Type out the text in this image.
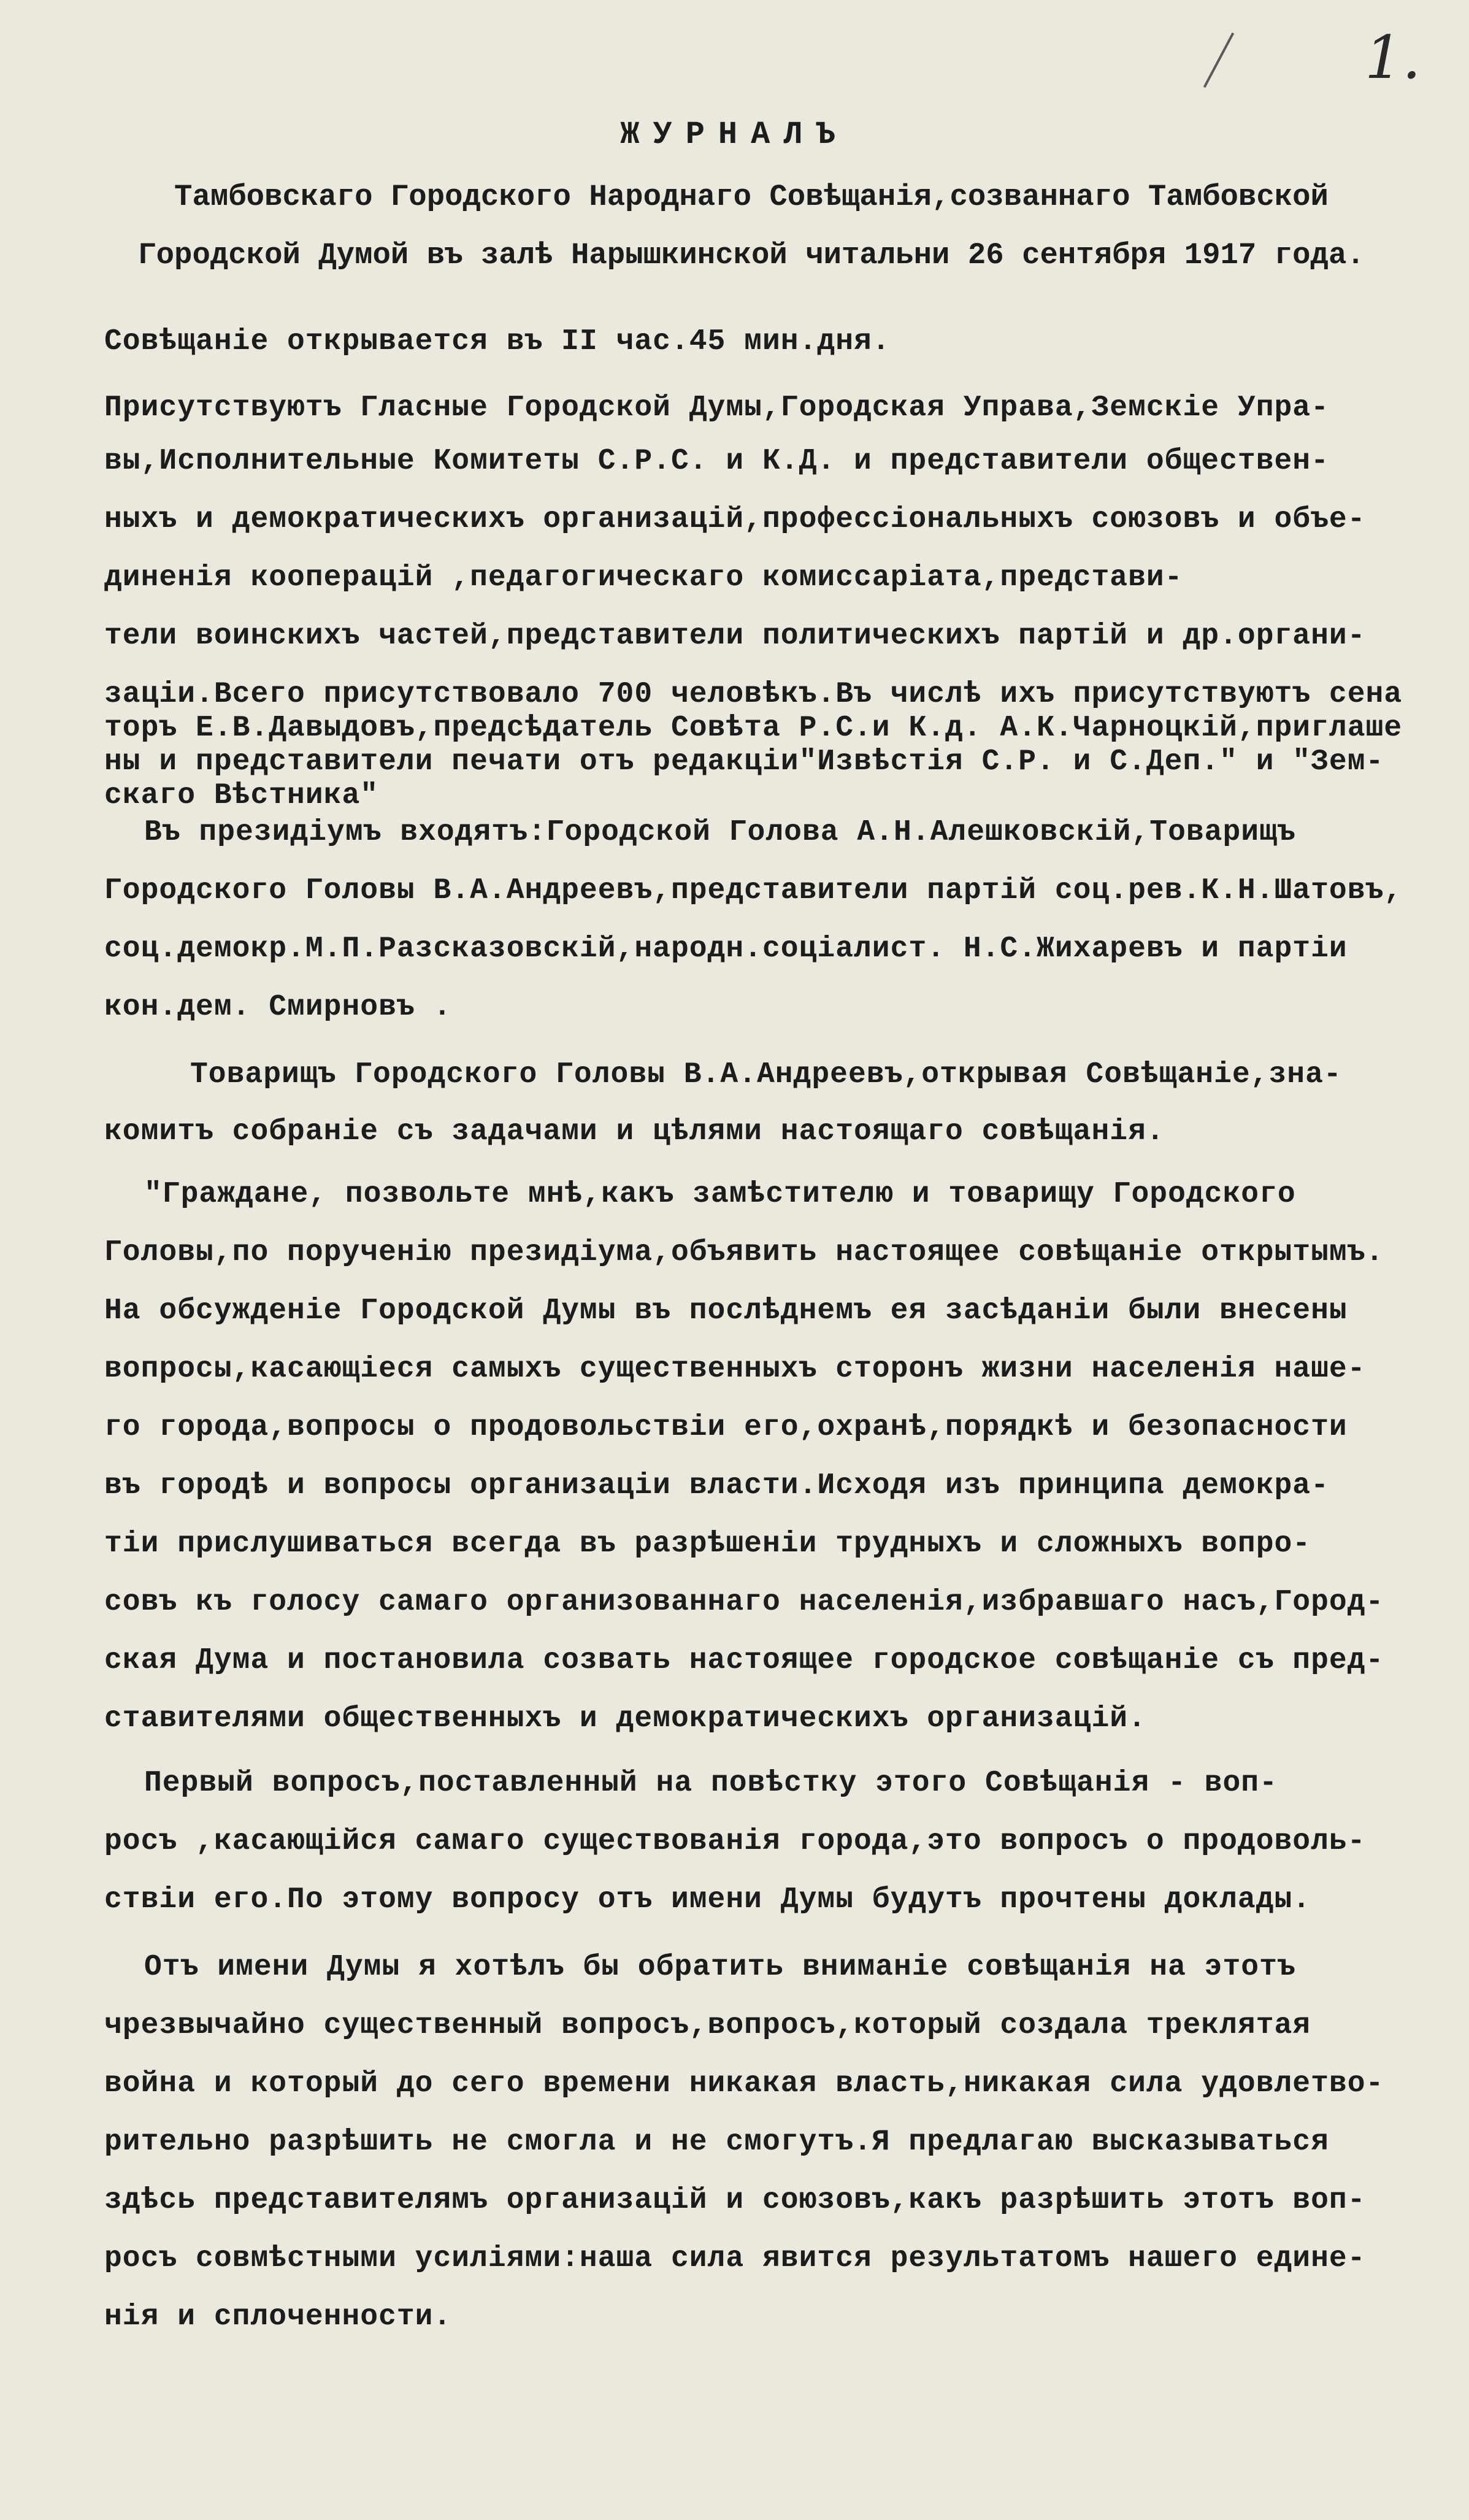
1.
ЖУРНАЛЪ
Тамбовскаго Городского Народнаго Совѣщанія,созваннаго Тамбовской
Городской Думой въ залѣ Нарышкинской читальни 26 сентября 1917 года.
Совѣщаніе открывается въ II час.45 мин.дня.
Присутствуютъ Гласные Городской Думы,Городская Управа,Земскіе Упра-
вы,Исполнительные Комитеты С.Р.С. и К.Д. и представители обществен-
ныхъ и демократическихъ организацій,профессіональныхъ союзовъ и объе-
диненія кооперацій ,педагогическаго комиссаріата,представи-
тели воинскихъ частей,представители политическихъ партій и др.органи-
заціи.Всего присутствовало 700 человѣкъ.Въ числѣ ихъ присутствуютъ сена
торъ Е.В.Давыдовъ,предсѣдатель Совѣта Р.С.и К.д. А.К.Чарноцкій,приглаше
ны и представители печати отъ редакціи"Извѣстія С.Р. и С.Деп." и "Зем-
скаго Вѣстника"
Въ президіумъ входятъ:Городской Голова А.Н.Алешковскій,Товарищъ
Городского Головы В.А.Андреевъ,представители партій соц.рев.К.Н.Шатовъ,
соц.демокр.М.П.Разсказовскій,народн.соціалист. Н.С.Жихаревъ и партіи
кон.дем. Смирновъ .
Товарищъ Городского Головы В.А.Андреевъ,открывая Совѣщаніе,зна-
комитъ собраніе съ задачами и цѣлями настоящаго совѣщанія.
"Граждане, позвольте мнѣ,какъ замѣстителю и товарищу Городского
Головы,по порученію президіума,объявить настоящее совѣщаніе открытымъ.
На обсужденіе Городской Думы въ послѣднемъ ея засѣданіи были внесены
вопросы,касающіеся самыхъ существенныхъ сторонъ жизни населенія наше-
го города,вопросы о продовольствіи его,охранѣ,порядкѣ и безопасности
въ городѣ и вопросы организаціи власти.Исходя изъ принципа демокра-
тіи прислушиваться всегда въ разрѣшеніи трудныхъ и сложныхъ вопро-
совъ къ голосу самаго организованнаго населенія,избравшаго насъ,Город-
ская Дума и постановила созвать настоящее городское совѣщаніе съ пред-
ставителями общественныхъ и демократическихъ организацій.
Первый вопросъ,поставленный на повѣстку этого Совѣщанія - воп-
росъ ,касающійся самаго существованія города,это вопросъ о продоволь-
ствіи его.По этому вопросу отъ имени Думы будутъ прочтены доклады.
Отъ имени Думы я хотѣлъ бы обратить вниманіе совѣщанія на этотъ
чрезвычайно существенный вопросъ,вопросъ,который создала треклятая
война и который до сего времени никакая власть,никакая сила удовлетво-
рительно разрѣшить не смогла и не смогутъ.Я предлагаю высказываться
здѣсь представителямъ организацій и союзовъ,какъ разрѣшить этотъ воп-
росъ совмѣстными усиліями:наша сила явится результатомъ нашего едине-
нія и сплоченности.
